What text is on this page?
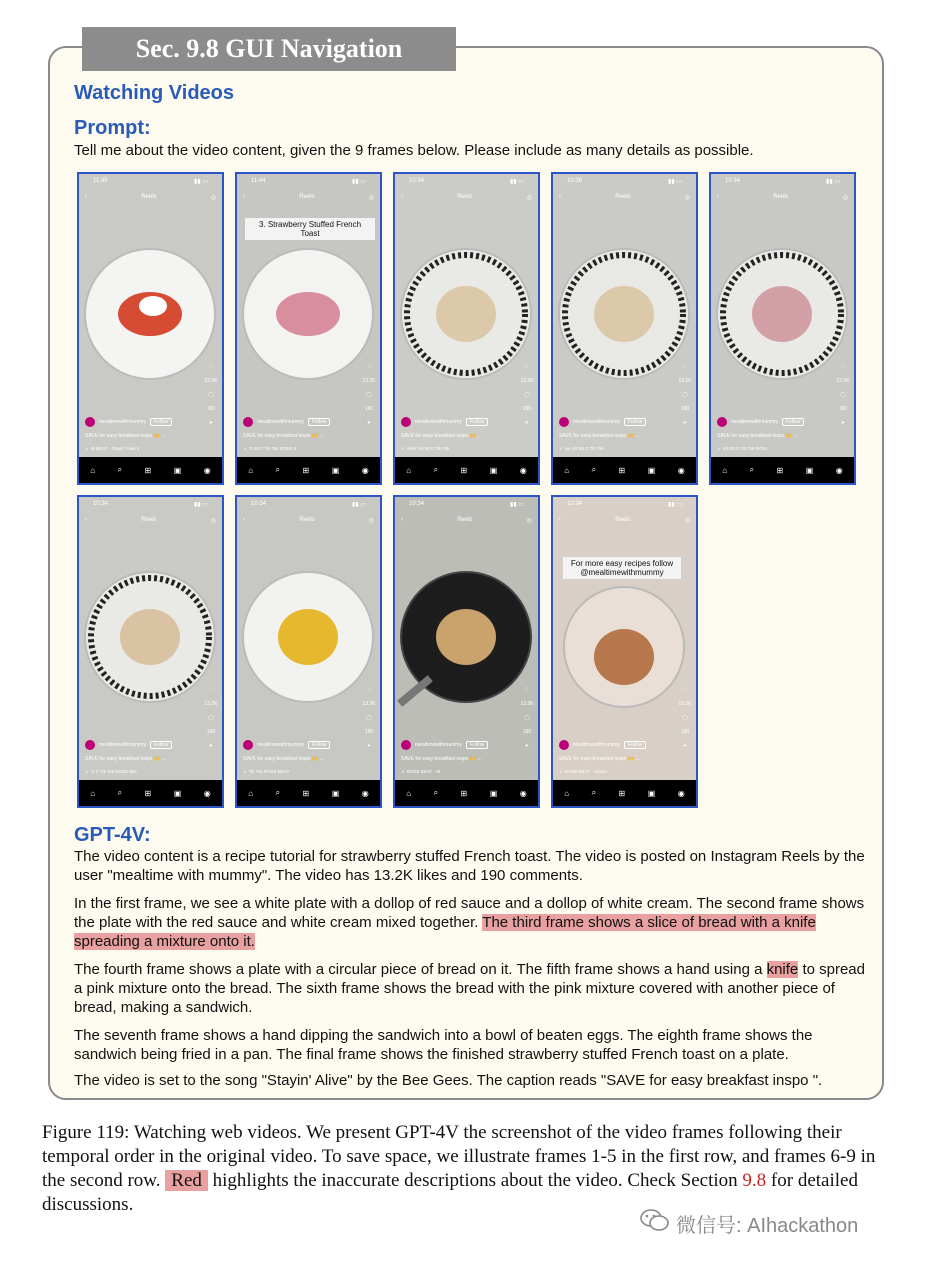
Sec. 9.8 GUI Navigation
Watching Videos
Prompt:

Tell me about the video content, given the 9 frames below. Please include as many details as possible.

11:45	▮▮ ▭
‹	Reels	◎
♡
13.2K
◯
190
➤
mealtimewithmummy	Follow
SAVE for easy breakfast inspo 🙌 ...
♬ iB BEAT · Stayin' Alive V
⌂	⌕	⊞	▣	◉
11:44	▮▮ ▭
‹	Reels	◎
3. Strawberry Stuffed French Toast
♡
13.2K
◯
190
➤
mealtimewithmummy	Follow
SAVE for easy breakfast inspo 🙌 ...
♬ 'S 50 C Tik Tok ROSE II
⌂	⌕	⊞	▣	◉
10:34	▮▮ ▭
‹	Reels	◎
♡
13.2K
◯
190
➤
mealtimewithmummy	Follow
SAVE for easy breakfast inspo 🙌 ...
♬ Alive VS 50 C Tik Tok
⌂	⌕	⊞	▣	◉
10:36	▮▮ ▭
‹	Reels	◎
♡
13.2K
◯
190
➤
mealtimewithmummy	Follow
SAVE for easy breakfast inspo 🙌 ...
♬ ive VS 50 C Tik Tok
⌂	⌕	⊞	▣	◉
10:34	▮▮ ▭
‹	Reels	◎
♡
13.2K
◯
190
➤
mealtimewithmummy	Follow
SAVE for easy breakfast inspo 🙌 ...
♬ VS 50 C Tik Tok ROSI
⌂	⌕	⊞	▣	◉
10:34	▮▮ ▭
‹	Reels	◎
♡
13.2K
◯
190
➤
mealtimewithmummy	Follow
SAVE for easy breakfast inspo 🙌 ...
♬ :0 C Tik Tok ROSE BEI
⌂	⌕	⊞	▣	◉
10:34	▮▮ ▭
‹	Reels	◎
♡
13.2K
◯
190
➤
mealtimewithmummy	Follow
SAVE for easy breakfast inspo 🙌 ...
♬ Tik Tok ROSE BEAT
⌂	⌕	⊞	▣	◉
10:34	▮▮ ▭
‹	Reels	◎
♡
13.2K
◯
190
➤
mealtimewithmummy	Follow
SAVE for easy breakfast inspo 🙌 ...
♬ ROSE BEAT · St
⌂	⌕	⊞	▣	◉
10:34	▮▮ ▭
‹	Reels	◎
For more easy recipes follow @mealtimewithmummy
♡
13.2K
◯
190
➤
mealtimewithmummy	Follow
SAVE for easy breakfast inspo 🙌 ...
♬ ROSE BEAT · Stayin'
⌂	⌕	⊞	▣	◉
GPT-4V:

The video content is a recipe tutorial for strawberry stuffed French toast. The video is posted on Instagram Reels by the user "mealtime with mummy". The video has 13.2K likes and 190 comments.

In the first frame, we see a white plate with a dollop of red sauce and a dollop of white cream. The second frame shows the plate with the red sauce and white cream mixed together. The third frame shows a slice of bread with a knife spreading a mixture onto it.

The fourth frame shows a plate with a circular piece of bread on it. The fifth frame shows a hand using a knife to spread a pink mixture onto the bread. The sixth frame shows the bread with the pink mixture covered with another piece of bread, making a sandwich.

The seventh frame shows a hand dipping the sandwich into a bowl of beaten eggs. The eighth frame shows the sandwich being fried in a pan. The final frame shows the finished strawberry stuffed French toast on a plate.

The video is set to the song "Stayin' Alive" by the Bee Gees. The caption reads "SAVE for easy breakfast inspo ".

Figure 119: Watching web videos. We present GPT-4V the screenshot of the video frames following their temporal order in the original video. To save space, we illustrate frames 1-5 in the first row, and frames 6-9 in the second row. Red highlights the inaccurate descriptions about the video. Check Section 9.8 for detailed discussions.

微信号: AIhackathon
